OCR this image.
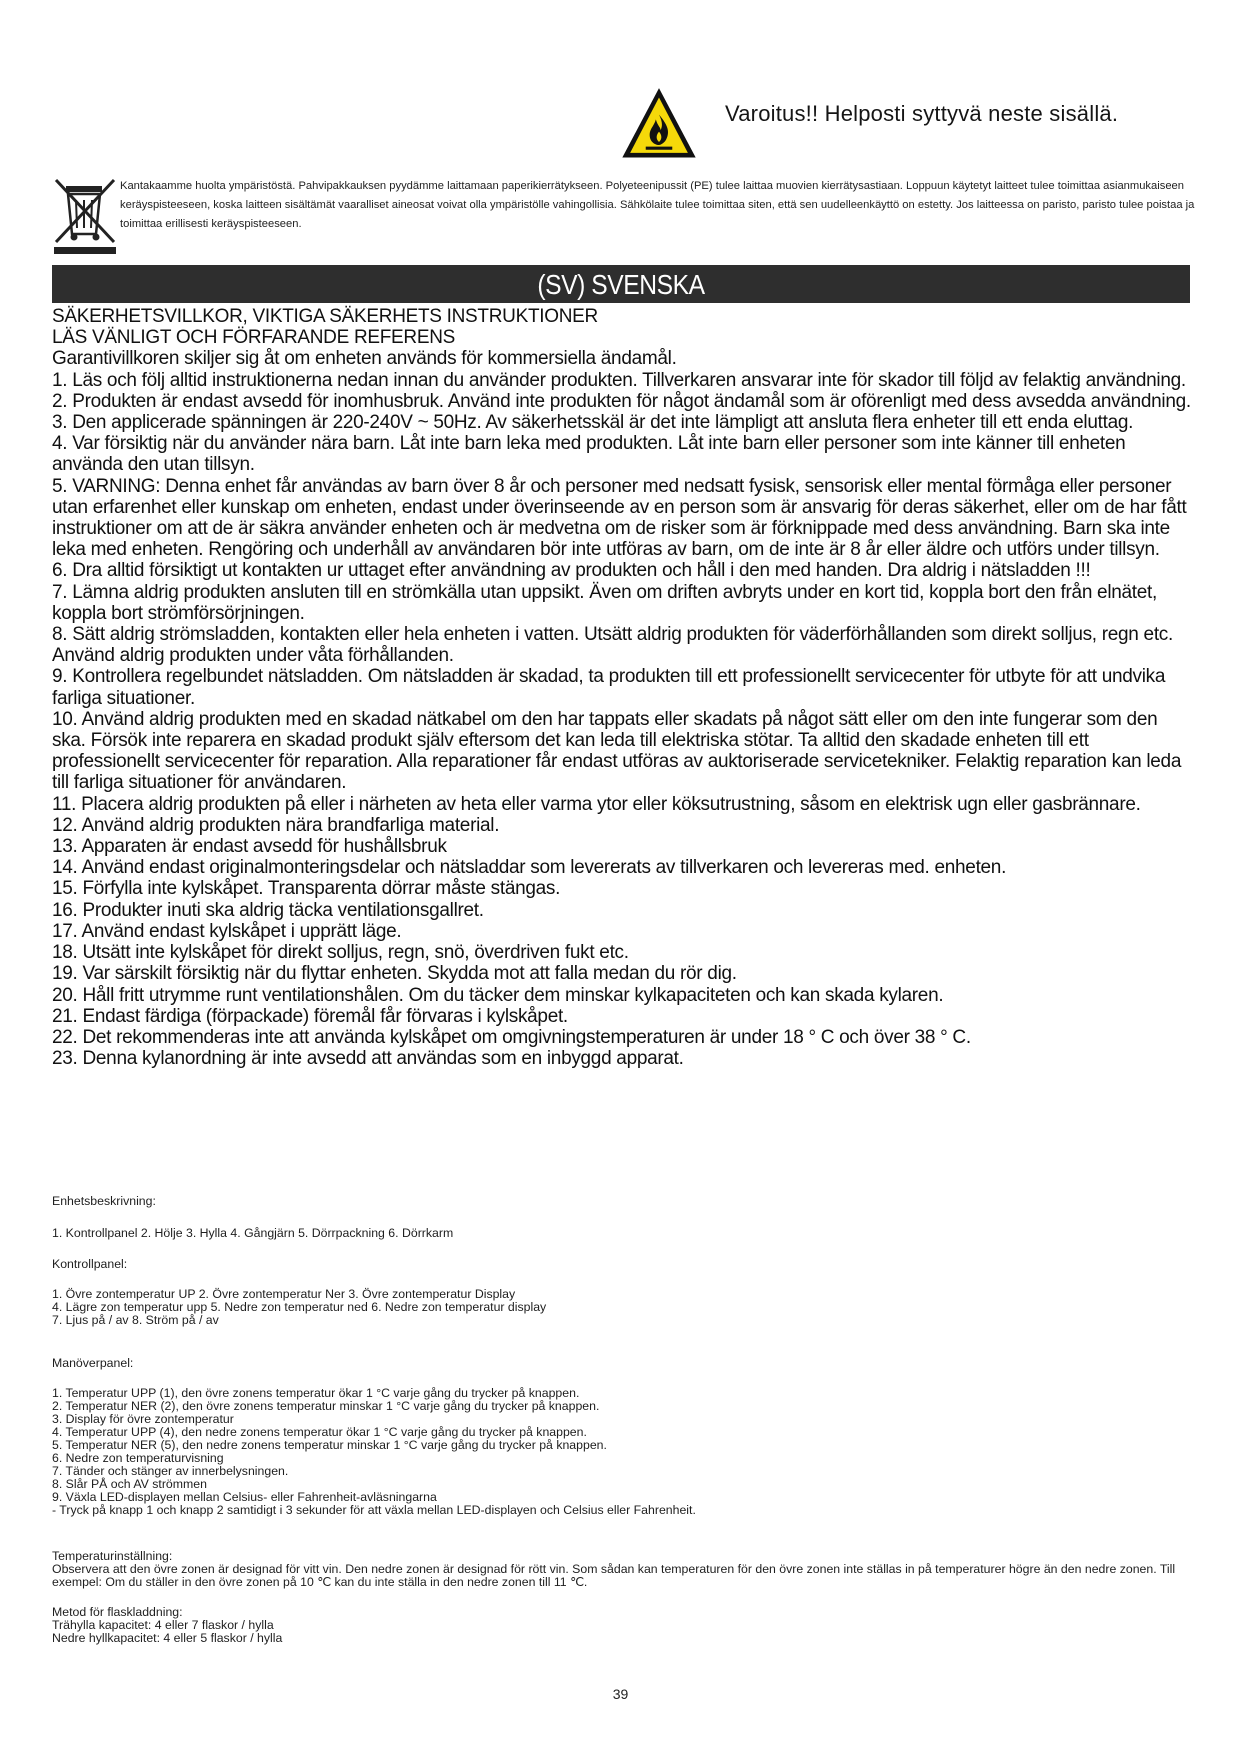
Varoitus!! Helposti syttyvä neste sisällä.
Kantakaamme huolta ympäristöstä. Pahvipakkauksen pyydämme laittamaan paperikierrätykseen. Polyeteenipussit (PE) tulee laittaa muovien kierrätysastiaan. Loppuun käytetyt laitteet tulee toimittaa asianmukaiseen keräyspisteeseen, koska laitteen sisältämät vaaralliset aineosat voivat olla ympäristölle vahingollisia. Sähkölaite tulee toimittaa siten, että sen uudelleenkäyttö on estetty. Jos laitteessa on paristo, paristo tulee poistaa ja toimittaa erillisesti keräyspisteeseen.
(SV) SVENSKA

SÄKERHETSVILLKOR, VIKTIGA SÄKERHETS INSTRUKTIONER

LÄS VÄNLIGT OCH FÖRFARANDE REFERENS

Garantivillkoren skiljer sig åt om enheten används för kommersiella ändamål.

1. Läs och följ alltid instruktionerna nedan innan du använder produkten. Tillverkaren ansvarar inte för skador till följd av felaktig användning.

2. Produkten är endast avsedd för inomhusbruk. Använd inte produkten för något ändamål som är oförenligt med dess avsedda användning.

3. Den applicerade spänningen är 220-240V ~ 50Hz. Av säkerhetsskäl är det inte lämpligt att ansluta flera enheter till ett enda eluttag.

4. Var försiktig när du använder nära barn. Låt inte barn leka med produkten. Låt inte barn eller personer som inte känner till enheten använda den utan tillsyn.

5. VARNING: Denna enhet får användas av barn över 8 år och personer med nedsatt fysisk, sensorisk eller mental förmåga eller personer utan erfarenhet eller kunskap om enheten, endast under överinseende av en person som är ansvarig för deras säkerhet, eller om de har fått instruktioner om att de är säkra använder enheten och är medvetna om de risker som är förknippade med dess användning. Barn ska inte leka med enheten. Rengöring och underhåll av användaren bör inte utföras av barn, om de inte är 8 år eller äldre och utförs under tillsyn.

6. Dra alltid försiktigt ut kontakten ur uttaget efter användning av produkten och håll i den med handen. Dra aldrig i nätsladden !!!

7. Lämna aldrig produkten ansluten till en strömkälla utan uppsikt. Även om driften avbryts under en kort tid, koppla bort den från elnätet, koppla bort strömförsörjningen.

8. Sätt aldrig strömsladden, kontakten eller hela enheten i vatten. Utsätt aldrig produkten för väderförhållanden som direkt solljus, regn etc. Använd aldrig produkten under våta förhållanden.

9. Kontrollera regelbundet nätsladden. Om nätsladden är skadad, ta produkten till ett professionellt servicecenter för utbyte för att undvika farliga situationer.

10. Använd aldrig produkten med en skadad nätkabel om den har tappats eller skadats på något sätt eller om den inte fungerar som den ska. Försök inte reparera en skadad produkt själv eftersom det kan leda till elektriska stötar. Ta alltid den skadade enheten till ett professionellt servicecenter för reparation. Alla reparationer får endast utföras av auktoriserade servicetekniker. Felaktig reparation kan leda till farliga situationer för användaren.

11. Placera aldrig produkten på eller i närheten av heta eller varma ytor eller köksutrustning, såsom en elektrisk ugn eller gasbrännare.

12. Använd aldrig produkten nära brandfarliga material.

13. Apparaten är endast avsedd för hushållsbruk

14. Använd endast originalmonteringsdelar och nätsladdar som levererats av tillverkaren och levereras med. enheten.

15. Förfylla inte kylskåpet. Transparenta dörrar måste stängas.

16. Produkter inuti ska aldrig täcka ventilationsgallret.

17. Använd endast kylskåpet i upprätt läge.

18. Utsätt inte kylskåpet för direkt solljus, regn, snö, överdriven fukt etc.

19. Var särskilt försiktig när du flyttar enheten. Skydda mot att falla medan du rör dig.

20. Håll fritt utrymme runt ventilationshålen. Om du täcker dem minskar kylkapaciteten och kan skada kylaren.

21. Endast färdiga (förpackade) föremål får förvaras i kylskåpet.

22. Det rekommenderas inte att använda kylskåpet om omgivningstemperaturen är under 18 ° C och över 38 ° C.

23. Denna kylanordning är inte avsedd att användas som en inbyggd apparat.

Enhetsbeskrivning:
1. Kontrollpanel 2. Hölje 3. Hylla 4. Gångjärn 5. Dörrpackning 6. Dörrkarm
Kontrollpanel:
1. Övre zontemperatur UP 2. Övre zontemperatur Ner 3. Övre zontemperatur Display
4. Lägre zon temperatur upp 5. Nedre zon temperatur ned 6. Nedre zon temperatur display
7. Ljus på / av 8. Ström på / av
Manöverpanel:
1. Temperatur UPP (1), den övre zonens temperatur ökar 1 °C varje gång du trycker på knappen.
2. Temperatur NER (2), den övre zonens temperatur minskar 1 °C varje gång du trycker på knappen.
3. Display för övre zontemperatur
4. Temperatur UPP (4), den nedre zonens temperatur ökar 1 °C varje gång du trycker på knappen.
5. Temperatur NER (5), den nedre zonens temperatur minskar 1 °C varje gång du trycker på knappen.
6. Nedre zon temperaturvisning
7. Tänder och stänger av innerbelysningen.
8. Slår PÅ och AV strömmen
9. Växla LED-displayen mellan Celsius- eller Fahrenheit-avläsningarna
- Tryck på knapp 1 och knapp 2 samtidigt i 3 sekunder för att växla mellan LED-displayen och Celsius eller Fahrenheit.
Temperaturinställning:
Observera att den övre zonen är designad för vitt vin. Den nedre zonen är designad för rött vin. Som sådan kan temperaturen för den övre zonen inte ställas in på temperaturer högre än den nedre zonen. Till exempel: Om du ställer in den övre zonen på 10 ℃ kan du inte ställa in den nedre zonen till 11 ℃.
Metod för flaskladdning:
Trähylla kapacitet: 4 eller 7 flaskor / hylla
Nedre hyllkapacitet: 4 eller 5 flaskor / hylla
39
